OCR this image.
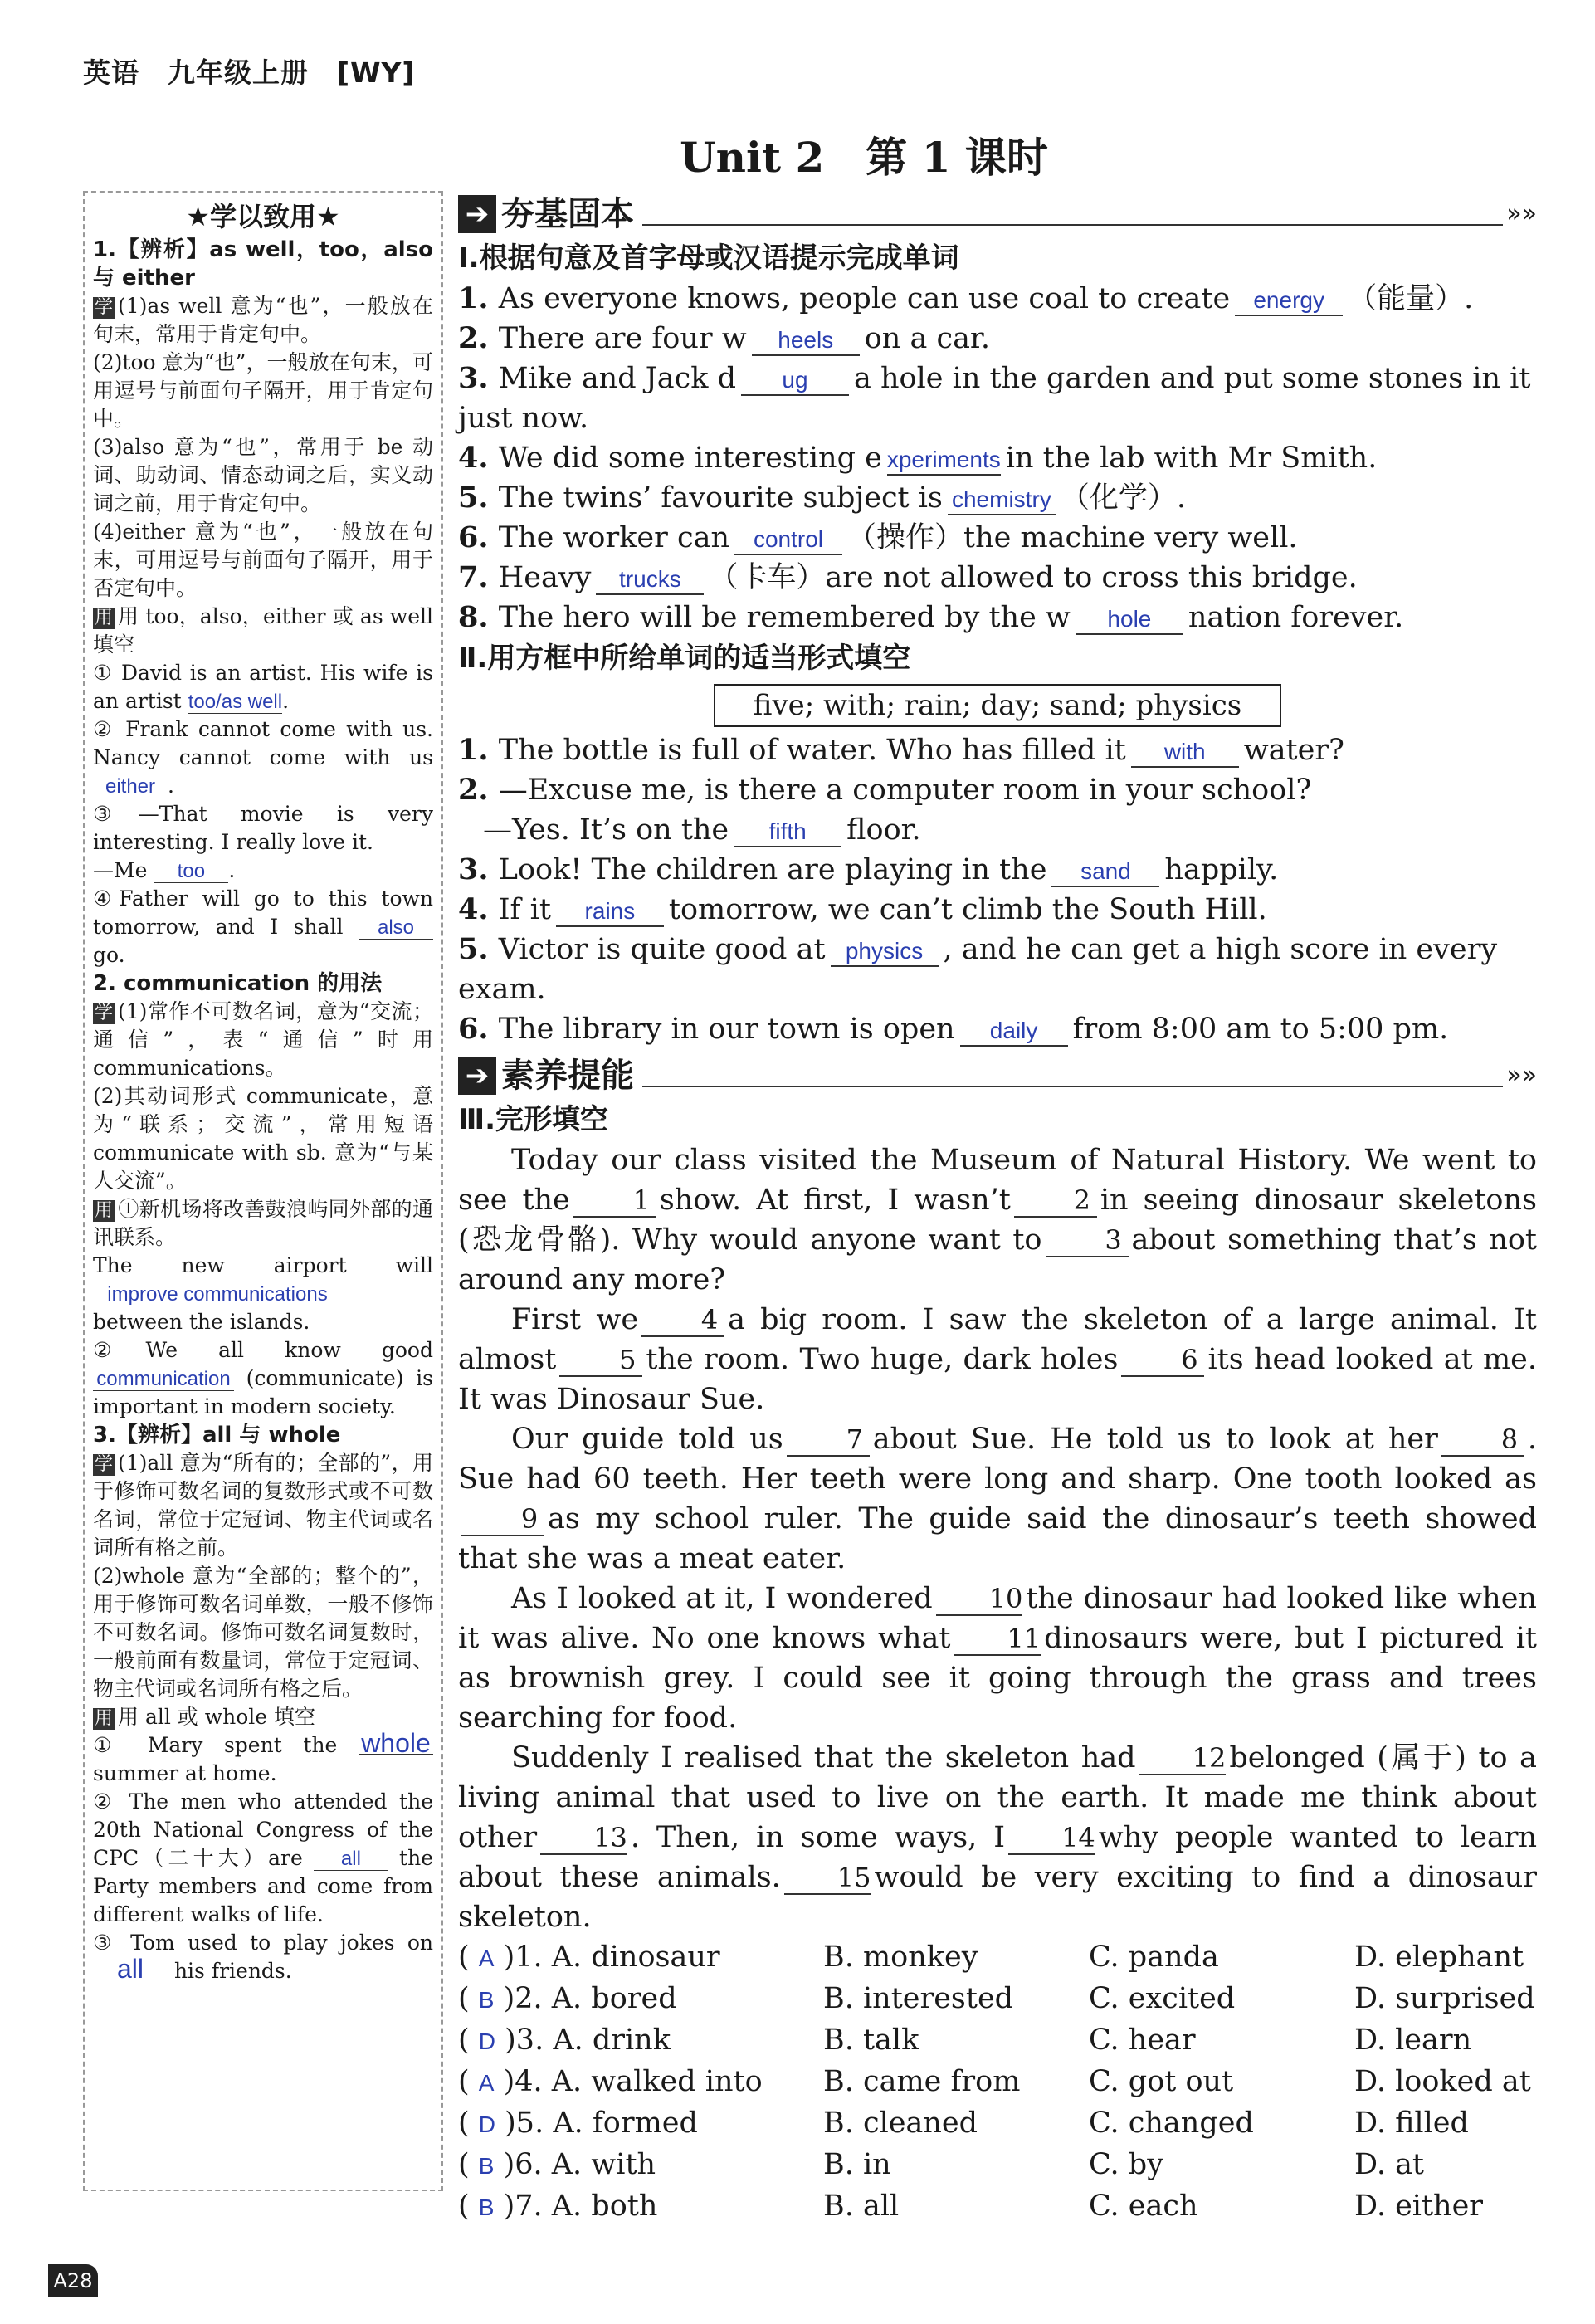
英语　九年级上册　[WY]
Unit 2　第 1 课时
★学以致用★

1.【辨析】as well，too，also与 either

学 (1)as well 意为“也”，一般放在句末，常用于肯定句中。

(2)too 意为“也”，一般放在句末，可用逗号与前面句子隔开，用于肯定句中。

(3)also 意为“也”，常用于 be 动词、助动词、情态动词之后，实义动词之前，用于肯定句中。

(4)either 意为“也”，一般放在句末，可用逗号与前面句子隔开，用于否定句中。

用 用 too，also，either 或 as well 填空

① David is an artist. His wife is an artist too/as well.

② Frank cannot come with us. Nancy cannot come with us either .

③—That movie is very interesting. I really love it.
—Me too .

④Father will go to this town tomorrow, and I shall also go.

2. communication 的用法

学 (1)常作不可数名词，意为“交流；通信”，表“通信”时用 communications。

(2)其动词形式 communicate，意为“联系；交流”，常用短语 communicate with sb. 意为“与某人交流”。

用 ①新机场将改善鼓浪屿同外部的通讯联系。

The new airport will improve communications between the islands.

②We all know good communication (communicate) is important in modern society.

3.【辨析】all 与 whole

学 (1)all 意为“所有的；全部的”，用于修饰可数名词的复数形式或不可数名词，常位于定冠词、物主代词或名词所有格之前。

(2)whole 意为“全部的；整个的”，用于修饰可数名词单数，一般不修饰不可数名词。修饰可数名词复数时，一般前面有数量词，常位于定冠词、物主代词或名词所有格之后。

用 用 all 或 whole 填空

① Mary spent the whole summer at home.

② The men who attended the 20th National Congress of the CPC（二十大）are all the Party members and come from different walks of life.

③ Tom used to play jokes on all his friends.

➔ 夯基固本	»»
Ⅰ.根据句意及首字母或汉语提示完成单词

1. As everyone knows, people can use coal to create energy （能量）.

2. There are four w heels on a car.

3. Mike and Jack d ug a hole in the garden and put some stones in it just now.

4. We did some interesting e xperiments in the lab with Mr Smith.

5. The twins’ favourite subject is chemistry （化学）.

6. The worker can control （操作）the machine very well.

7. Heavy trucks （卡车）are not allowed to cross this bridge.

8. The hero will be remembered by the w hole nation forever.

Ⅱ.用方框中所给单词的适当形式填空
five; with; rain; day; sand; physics

1. The bottle is full of water. Who has filled it with water?

2. —Excuse me, is there a computer room in your school?
—Yes. It’s on the fifth floor.

3. Look! The children are playing in the sand happily.

4. If it rains tomorrow, we can’t climb the South Hill.

5. Victor is quite good at physics , and he can get a high score in every exam.

6. The library in our town is open daily from 8:00 am to 5:00 pm.

➔ 素养提能	»»
Ⅲ.完形填空

Today our class visited the Museum of Natural History. We went to see the 1 show. At first, I wasn’t 2 in seeing dinosaur skeletons (恐龙骨骼). Why would anyone want to 3 about something that’s not around any more?

First we 4 a big room. I saw the skeleton of a large animal. It almost 5 the room. Two huge, dark holes 6 its head looked at me. It was Dinosaur Sue.

Our guide told us 7 about Sue. He told us to look at her 8 . Sue had 60 teeth. Her teeth were long and sharp. One tooth looked as9 as my school ruler. The guide said the dinosaur’s teeth showed that she was a meat eater.

As I looked at it, I wondered 10 the dinosaur had looked like when it was alive. No one knows what 11 dinosaurs were, but I pictured it as brownish grey. I could see it going through the grass and trees searching for food.

Suddenly I realised that the skeleton had 12 belonged (属于) to a living animal that used to live on the earth. It made me think about other 13 . Then, in some ways, I 14 why people wanted to learn about these animals. 15 would be very exciting to find a dinosaur skeleton.

( A )1. A. dinosaur	B. monkey	C. panda	D. elephant
( B )2. A. bored	B. interested	C. excited	D. surprised
( D )3. A. drink	B. talk	C. hear	D. learn
( A )4. A. walked into	B. came from	C. got out	D. looked at
( D )5. A. formed	B. cleaned	C. changed	D. filled
( B )6. A. with	B. in	C. by	D. at
( B )7. A. both	B. all	C. each	D. either
A28
